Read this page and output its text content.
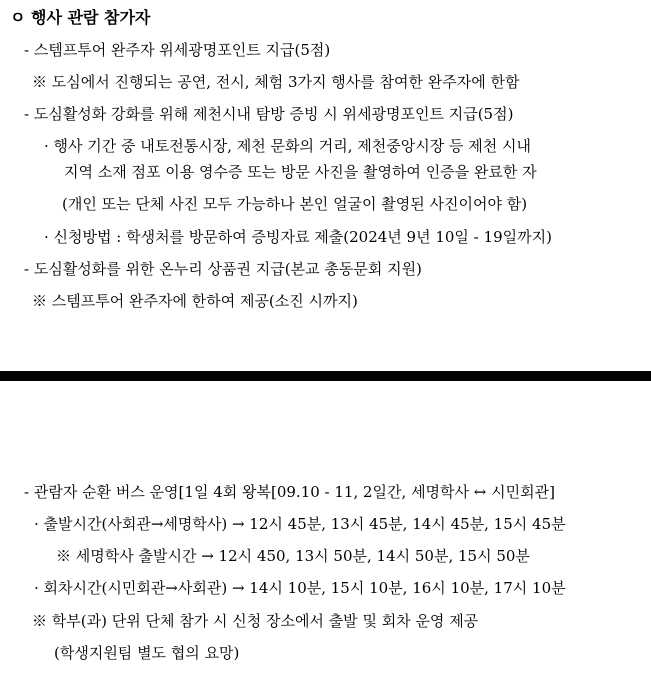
ㅇ 행사 관람 참가자
- 스템프투어 완주자 위세광명포인트 지급(5점)
※ 도심에서 진행되는 공연, 전시, 체험 3가지 행사를 참여한 완주자에 한함
- 도심활성화 강화를 위해 제천시내 탐방 증빙 시 위세광명포인트 지급(5점)
· 행사 기간 중 내토전통시장, 제천 문화의 거리, 제천중앙시장 등 제천 시내
지역 소재 점포 이용 영수증 또는 방문 사진을 촬영하여 인증을 완료한 자
(개인 또는 단체 사진 모두 가능하나 본인 얼굴이 촬영된 사진이어야 함)
· 신청방법 : 학생처를 방문하여 증빙자료 제출(2024년 9년 10일 - 19일까지)
- 도심활성화를 위한 온누리 상품권 지급(본교 총동문회 지원)
※ 스템프투어 완주자에 한하여 제공(소진 시까지)
- 관람자 순환 버스 운영[1일 4회 왕복[09.10 - 11, 2일간, 세명학사 ↔ 시민회관]
· 출발시간(사회관→세명학사) → 12시 45분, 13시 45분, 14시 45분, 15시 45분
※ 세명학사 출발시간 → 12시 450, 13시 50분, 14시 50분, 15시 50분
· 회차시간(시민회관→사회관) → 14시 10분, 15시 10분, 16시 10분, 17시 10분
※ 학부(과) 단위 단체 참가 시 신청 장소에서 출발 및 회차 운영 제공
(학생지원팀 별도 협의 요망)
